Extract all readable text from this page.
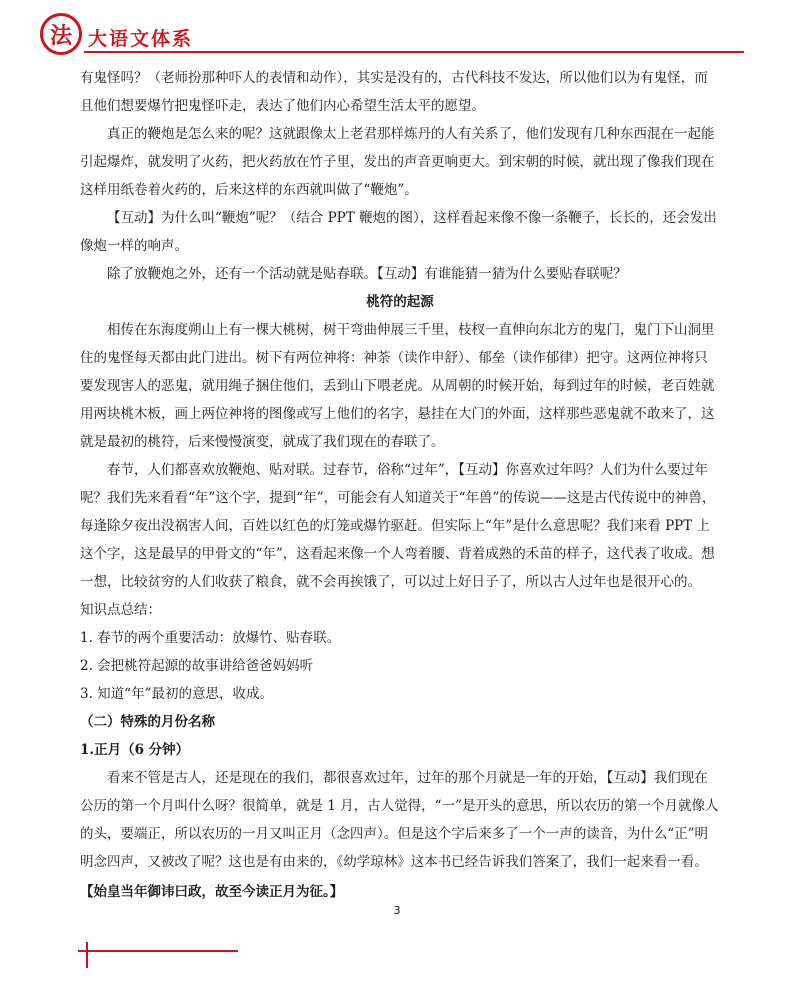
法 大语文体系

有鬼怪吗？（老师扮那种吓人的表情和动作），其实是没有的，古代科技不发达，所以他们以为有鬼怪，而且他们想要爆竹把鬼怪吓走，表达了他们内心希望生活太平的愿望。

真正的鞭炮是怎么来的呢？这就跟像太上老君那样炼丹的人有关系了，他们发现有几种东西混在一起能引起爆炸，就发明了火药，把火药放在竹子里，发出的声音更响更大。到宋朝的时候，就出现了像我们现在这样用纸卷着火药的，后来这样的东西就叫做了“鞭炮”。

【互动】为什么叫“鞭炮”呢？（结合 PPT 鞭炮的图），这样看起来像不像一条鞭子，长长的，还会发出像炮一样的响声。

除了放鞭炮之外，还有一个活动就是贴春联。【互动】有谁能猜一猜为什么要贴春联呢？

桃符的起源

相传在东海度朔山上有一棵大桃树，树干弯曲伸展三千里，枝杈一直伸向东北方的鬼门，鬼门下山洞里住的鬼怪每天都由此门进出。树下有两位神将：神荼（读作申舒）、郁垒（读作郁律）把守。这两位神将只要发现害人的恶鬼，就用绳子捆住他们，丢到山下喂老虎。从周朝的时候开始，每到过年的时候，老百姓就用两块桃木板，画上两位神将的图像或写上他们的名字，悬挂在大门的外面，这样那些恶鬼就不敢来了，这就是最初的桃符，后来慢慢演变，就成了我们现在的春联了。

春节，人们都喜欢放鞭炮、贴对联。过春节，俗称“过年”，【互动】你喜欢过年吗？人们为什么要过年呢？我们先来看看“年”这个字，提到“年”，可能会有人知道关于“年兽”的传说——这是古代传说中的神兽，每逢除夕夜出没祸害人间，百姓以红色的灯笼或爆竹驱赶。但实际上“年”是什么意思呢？我们来看 PPT 上这个字，这是最早的甲骨文的“年”，这看起来像一个人弯着腰、背着成熟的禾苗的样子，这代表了收成。想一想，比较贫穷的人们收获了粮食，就不会再挨饿了，可以过上好日子了，所以古人过年也是很开心的。

知识点总结：

1. 春节的两个重要活动：放爆竹、贴春联。

2. 会把桃符起源的故事讲给爸爸妈妈听

3. 知道“年”最初的意思，收成。

（二）特殊的月份名称

1.正月（6 分钟）

看来不管是古人，还是现在的我们，都很喜欢过年，过年的那个月就是一年的开始，【互动】我们现在公历的第一个月叫什么呀？很简单，就是 1 月，古人觉得，“一”是开头的意思，所以农历的第一个月就像人的头，要端正，所以农历的一月又叫正月（念四声）。但是这个字后来多了一个一声的读音，为什么“正”明明念四声，又被改了呢？这也是有由来的，《幼学琼林》这本书已经告诉我们答案了，我们一起来看一看。

【始皇当年御讳曰政，故至今读正月为征。】

3
